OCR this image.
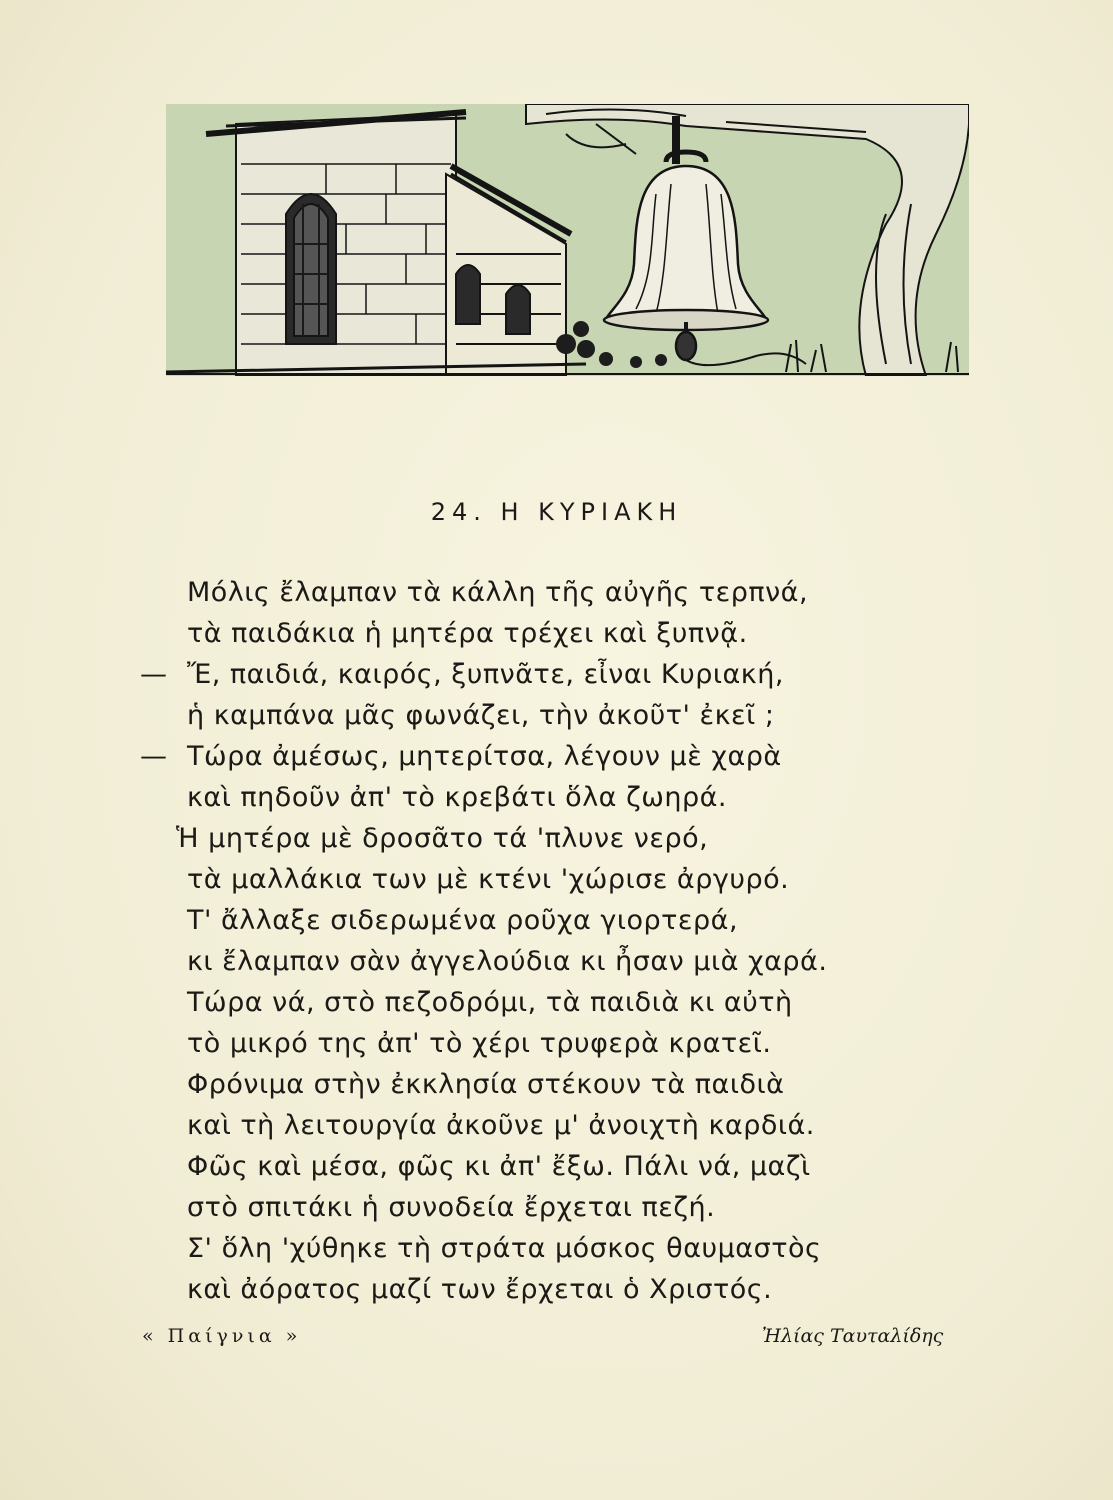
24. Η ΚΥΡΙΑΚΗ
Μόλις ἔλαμπαν τὰ κάλλη τῆς αὐγῆς τερπνά,
τὰ παιδάκια ἡ μητέρα τρέχει καὶ ξυπνᾷ.
— Ἔ, παιδιά, καιρός, ξυπνᾶτε, εἶναι Κυριακή,
ἡ καμπάνα μᾶς φωνάζει, τὴν ἀκοῦτ' ἐκεῖ ;
— Τώρα ἀμέσως, μητερίτσα, λέγουν μὲ χαρὰ
καὶ πηδοῦν ἀπ' τὸ κρεβάτι ὅλα ζωηρά.
Ἡ μητέρα μὲ δροσᾶτο τά 'πλυνε νερό,
τὰ μαλλάκια των μὲ κτένι 'χώρισε ἀργυρό.
Τ' ἄλλαξε σιδερωμένα ροῦχα γιορτερά,
κι ἔλαμπαν σὰν ἀγγελούδια κι ἦσαν μιὰ χαρά.
Τώρα νά, στὸ πεζοδρόμι, τὰ παιδιὰ κι αὐτὴ
τὸ μικρό της ἀπ' τὸ χέρι τρυφερὰ κρατεῖ.
Φρόνιμα στὴν ἐκκλησία στέκουν τὰ παιδιὰ
καὶ τὴ λειτουργία ἀκοῦνε μ' ἀνοιχτὴ καρδιά.
Φῶς καὶ μέσα, φῶς κι ἀπ' ἔξω. Πάλι νά, μαζὶ
στὸ σπιτάκι ἡ συνοδεία ἔρχεται πεζή.
Σ' ὅλη 'χύθηκε τὴ στράτα μόσκος θαυμαστὸς
καὶ ἀόρατος μαζί των ἔρχεται ὁ Χριστός.
« Παίγνια »	Ἠλίας Ταυταλίδης
